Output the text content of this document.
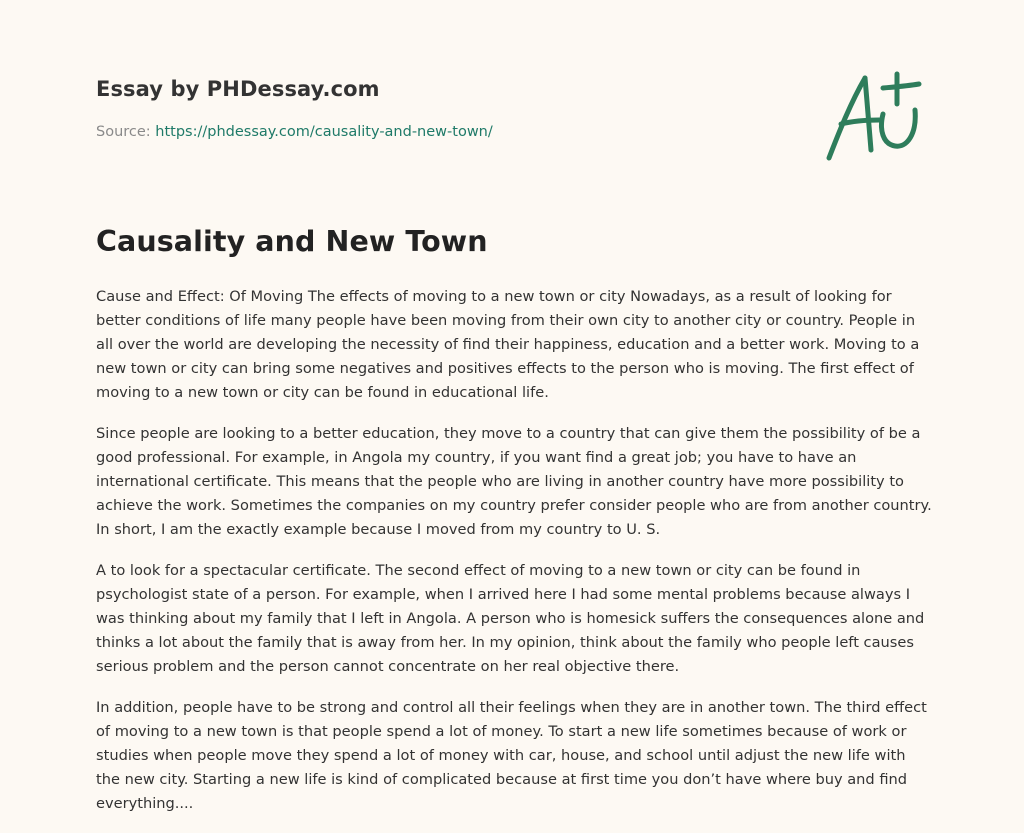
Essay by PHDessay.com

Source: https://phdessay.com/causality-and-new-town/

Causality and New Town

Cause and Effect: Of Moving The effects of moving to a new town or city Nowadays, as a result of looking for better conditions of life many people have been moving from their own city to another city or country. People in all over the world are developing the necessity of find their happiness, education and a better work. Moving to a new town or city can bring some negatives and positives effects to the person who is moving. The first effect of moving to a new town or city can be found in educational life.

Since people are looking to a better education, they move to a country that can give them the possibility of be a good professional. For example, in Angola my country, if you want find a great job; you have to have an international certificate. This means that the people who are living in another country have more possibility to achieve the work. Sometimes the companies on my country prefer consider people who are from another country. In short, I am the exactly example because I moved from my country to U. S.

A to look for a spectacular certificate. The second effect of moving to a new town or city can be found in psychologist state of a person. For example, when I arrived here I had some mental problems because always I was thinking about my family that I left in Angola. A person who is homesick suffers the consequences alone and thinks a lot about the family that is away from her. In my opinion, think about the family who people left causes serious problem and the person cannot concentrate on her real objective there.

In addition, people have to be strong and control all their feelings when they are in another town. The third effect of moving to a new town is that people spend a lot of money. To start a new life sometimes because of work or studies when people move they spend a lot of money with car, house, and school until adjust the new life with the new city. Starting a new life is kind of complicated because at first time you don’t have where buy and find everything....
